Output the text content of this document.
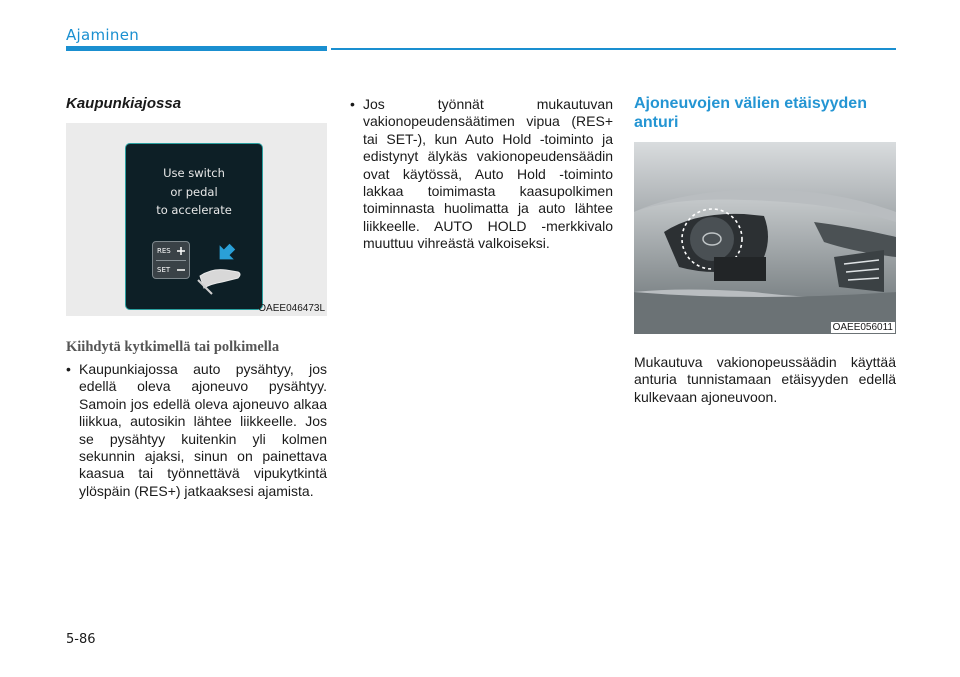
Ajaminen
Kaupunkiajossa
Use switch
or pedal
to accelerate
RES
SET
OAEE046473L
Kiihdytä kytkimellä tai polkimella
• Kaupunkiajossa auto pysähtyy, jos edellä oleva ajoneuvo pysähtyy. Samoin jos edellä oleva ajoneuvo alkaa liikkua, autosikin lähtee liikkeelle. Jos se pysähtyy kuitenkin yli kolmen sekunnin ajaksi, sinun on painettava kaasua tai työnnettävä vipukytkintä ylöspäin (RES+) jatkaaksesi ajamista.
• Jos työnnät mukautuvan vakionopeudensäätimen vipua (RES+ tai SET-), kun Auto Hold -toiminto ja edistynyt älykäs vakionopeudensäädin ovat käytössä, Auto Hold -toiminto lakkaa toimimasta kaasupolkimen toiminnasta huolimatta ja auto lähtee liikkeelle. AUTO HOLD -merkkivalo muuttuu vihreästä valkoiseksi.
Ajoneuvojen välien etäisyyden anturi
OAEE056011
Mukautuva vakionopeussäädin käyttää anturia tunnistamaan etäisyyden edellä kulkevaan ajoneuvoon.
5-86
